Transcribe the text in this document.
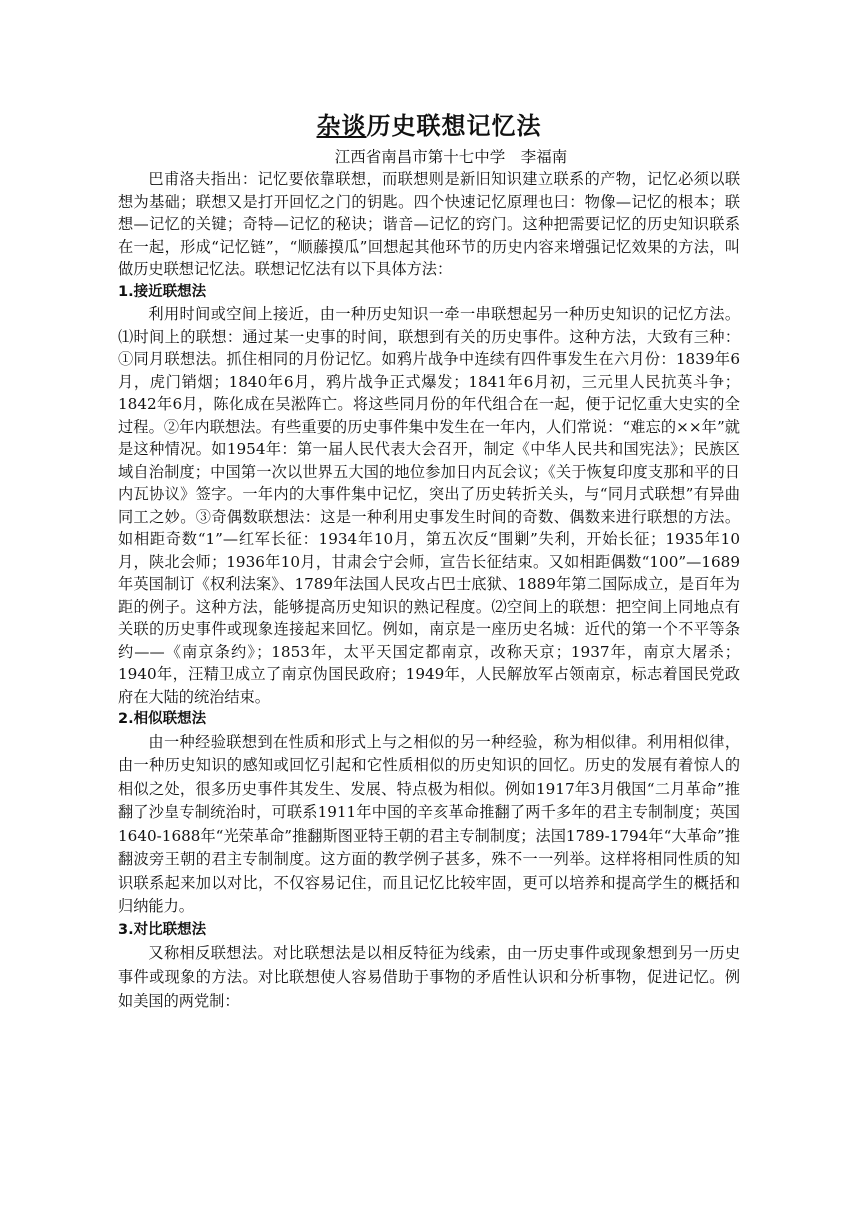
杂谈历史联想记忆法
江西省南昌市第十七中学　李福南

巴甫洛夫指出：记忆要依靠联想，而联想则是新旧知识建立联系的产物，记忆必须以联想为基础；联想又是打开回忆之门的钥匙。四个快速记忆原理也曰：物像—记忆的根本；联想—记忆的关键；奇特—记忆的秘诀；谐音—记忆的窍门。这种把需要记忆的历史知识联系在一起，形成“记忆链”，“顺藤摸瓜”回想起其他环节的历史内容来增强记忆效果的方法，叫做历史联想记忆法。联想记忆法有以下具体方法：

1.接近联想法

利用时间或空间上接近，由一种历史知识一牵一串联想起另一种历史知识的记忆方法。⑴时间上的联想：通过某一史事的时间，联想到有关的历史事件。这种方法，大致有三种：①同月联想法。抓住相同的月份记忆。如鸦片战争中连续有四件事发生在六月份：1839年6月，虎门销烟；1840年6月，鸦片战争正式爆发；1841年6月初，三元里人民抗英斗争；1842年6月，陈化成在吴淞阵亡。将这些同月份的年代组合在一起，便于记忆重大史实的全过程。②年内联想法。有些重要的历史事件集中发生在一年内，人们常说：“难忘的××年”就是这种情况。如1954年：第一届人民代表大会召开，制定《中华人民共和国宪法》；民族区域自治制度；中国第一次以世界五大国的地位参加日内瓦会议；《关于恢复印度支那和平的日内瓦协议》签字。一年内的大事件集中记忆，突出了历史转折关头，与“同月式联想”有异曲同工之妙。③奇偶数联想法：这是一种利用史事发生时间的奇数、偶数来进行联想的方法。如相距奇数“1”—红军长征：1934年10月，第五次反“围剿”失利，开始长征；1935年10月，陕北会师；1936年10月，甘肃会宁会师，宣告长征结束。又如相距偶数“100”—1689年英国制订《权利法案》、1789年法国人民攻占巴士底狱、1889年第二国际成立，是百年为距的例子。这种方法，能够提高历史知识的熟记程度。⑵空间上的联想：把空间上同地点有关联的历史事件或现象连接起来回忆。例如，南京是一座历史名城：近代的第一个不平等条约——《南京条约》；1853年，太平天国定都南京，改称天京；1937年，南京大屠杀；1940年，汪精卫成立了南京伪国民政府；1949年，人民解放军占领南京，标志着国民党政府在大陆的统治结束。

2.相似联想法

由一种经验联想到在性质和形式上与之相似的另一种经验，称为相似律。利用相似律，由一种历史知识的感知或回忆引起和它性质相似的历史知识的回忆。历史的发展有着惊人的相似之处，很多历史事件其发生、发展、特点极为相似。例如1917年3月俄国“二月革命”推翻了沙皇专制统治时，可联系1911年中国的辛亥革命推翻了两千多年的君主专制制度；英国1640-1688年“光荣革命”推翻斯图亚特王朝的君主专制制度；法国1789-1794年“大革命”推翻波旁王朝的君主专制制度。这方面的教学例子甚多，殊不一一列举。这样将相同性质的知识联系起来加以对比，不仅容易记住，而且记忆比较牢固，更可以培养和提高学生的概括和归纳能力。

3.对比联想法

又称相反联想法。对比联想法是以相反特征为线索，由一历史事件或现象想到另一历史事件或现象的方法。对比联想使人容易借助于事物的矛盾性认识和分析事物，促进记忆。例如美国的两党制：
